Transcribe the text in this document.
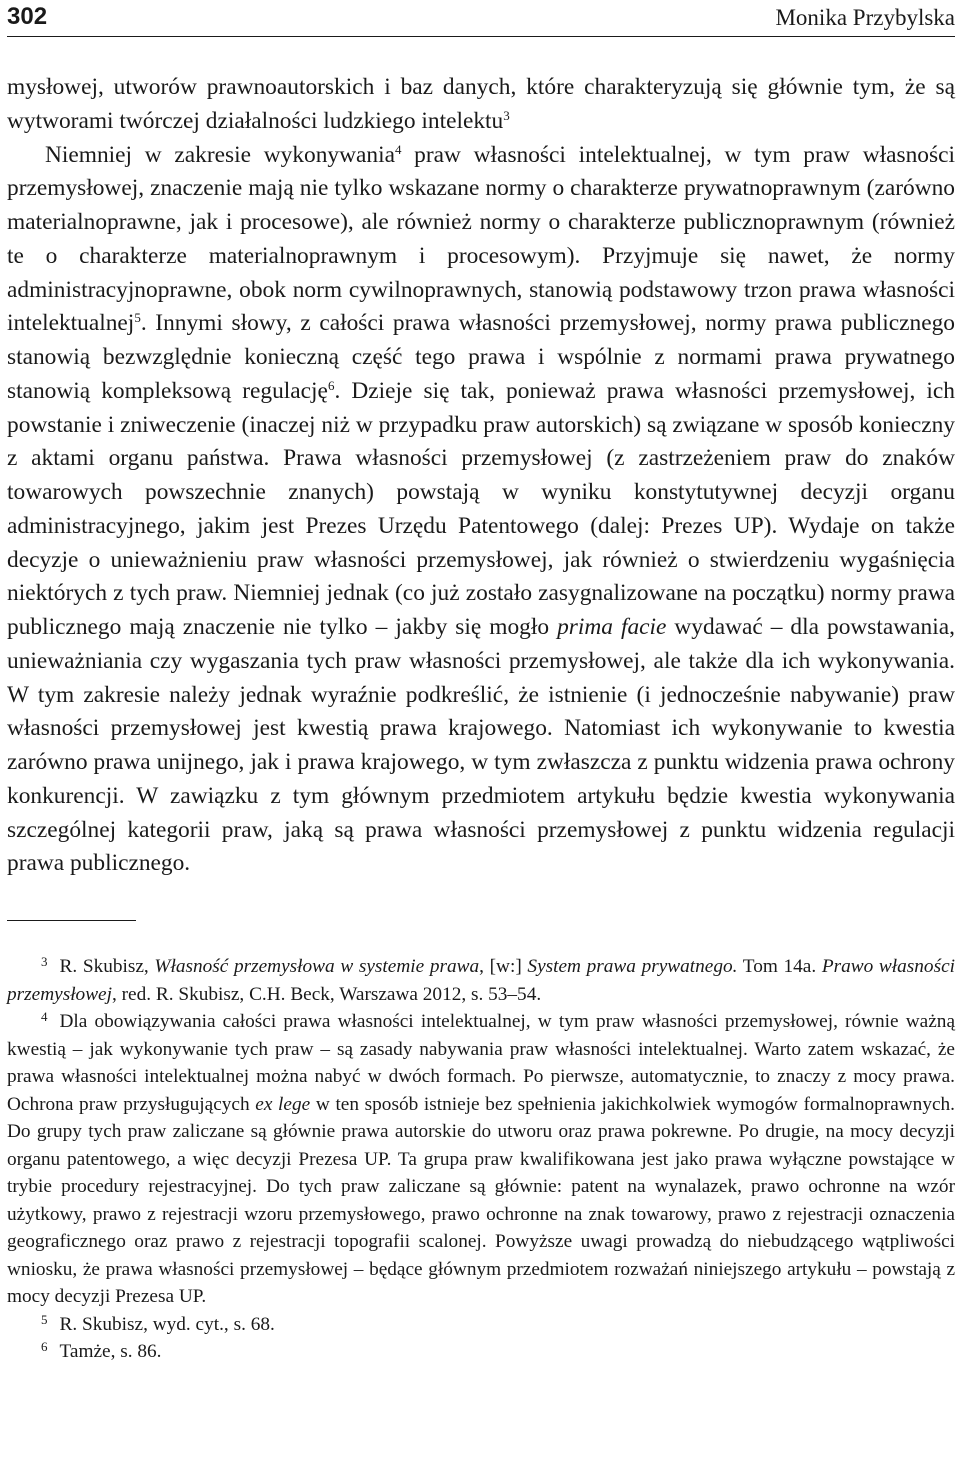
302	Monika Przybylska

mysłowej, utworów prawnoautorskich i baz danych, które charakteryzują się głównie tym, że są wytworami twórczej działalności ludzkiego intelektu$^3$

Niemniej w zakresie wykonywania$^4$ praw własności intelektualnej, w tym praw własności przemysłowej, znaczenie mają nie tylko wskazane normy o charakterze prywatnoprawnym (zarówno materialnoprawne, jak i procesowe), ale również normy o charakterze publicznoprawnym (również te o charakterze materialnoprawnym i procesowym). Przyjmuje się nawet, że normy administracyjnoprawne, obok norm cywilnoprawnych, stanowią podstawowy trzon prawa własności intelektualnej$^5$. Innymi słowy, z całości prawa własności przemysłowej, normy prawa publicznego stanowią bezwzględnie konieczną część tego prawa i wspólnie z normami prawa prywatnego stanowią kompleksową regulację$^6$. Dzieje się tak, ponieważ prawa własności przemysłowej, ich powstanie i zniweczenie (inaczej niż w przypadku praw autorskich) są związane w sposób konieczny z aktami organu państwa. Prawa własności przemysłowej (z zastrzeżeniem praw do znaków towarowych powszechnie znanych) powstają w wyniku konstytutywnej decyzji organu administracyjnego, jakim jest Prezes Urzędu Patentowego (dalej: Prezes UP). Wydaje on także decyzje o unieważnieniu praw własności przemysłowej, jak również o stwierdzeniu wygaśnięcia niektórych z tych praw. Niemniej jednak (co już zostało zasygnalizowane na początku) normy prawa publicznego mają znaczenie nie tylko – jakby się mogło prima facie wydawać – dla powstawania, unieważniania czy wygaszania tych praw własności przemysłowej, ale także dla ich wykonywania. W tym zakresie należy jednak wyraźnie podkreślić, że istnienie (i jednocześnie nabywanie) praw własności przemysłowej jest kwestią prawa krajowego. Natomiast ich wykonywanie to kwestia zarówno prawa unijnego, jak i prawa krajowego, w tym zwłaszcza z punktu widzenia prawa ochrony konkurencji. W zawiązku z tym głównym przedmiotem artykułu będzie kwestia wykonywania szczególnej kategorii praw, jaką są prawa własności przemysłowej z punktu widzenia regulacji prawa publicznego.

$^3$ R. Skubisz, Własność przemysłowa w systemie prawa, [w:] System prawa prywatnego. Tom 14a. Prawo własności przemysłowej, red. R. Skubisz, C.H. Beck, Warszawa 2012, s. 53–54.

$^4$ Dla obowiązywania całości prawa własności intelektualnej, w tym praw własności przemysłowej, równie ważną kwestią – jak wykonywanie tych praw – są zasady nabywania praw własności intelektualnej. Warto zatem wskazać, że prawa własności intelektualnej można nabyć w dwóch formach. Po pierwsze, automatycznie, to znaczy z mocy prawa. Ochrona praw przysługujących ex lege w ten sposób istnieje bez spełnienia jakichkolwiek wymogów formalnoprawnych. Do grupy tych praw zaliczane są głównie prawa autorskie do utworu oraz prawa pokrewne. Po drugie, na mocy decyzji organu patentowego, a więc decyzji Prezesa UP. Ta grupa praw kwalifikowana jest jako prawa wyłączne powstające w trybie procedury rejestracyjnej. Do tych praw zaliczane są głównie: patent na wynalazek, prawo ochronne na wzór użytkowy, prawo z rejestracji wzoru przemysłowego, prawo ochronne na znak towarowy, prawo z rejestracji oznaczenia geograficznego oraz prawo z rejestracji topografii scalonej. Powyższe uwagi prowadzą do niebudzącego wątpliwości wniosku, że prawa własności przemysłowej – będące głównym przedmiotem rozważań niniejszego artykułu – powstają z mocy decyzji Prezesa UP.

$^5$ R. Skubisz, wyd. cyt., s. 68.

$^6$ Tamże, s. 86.
